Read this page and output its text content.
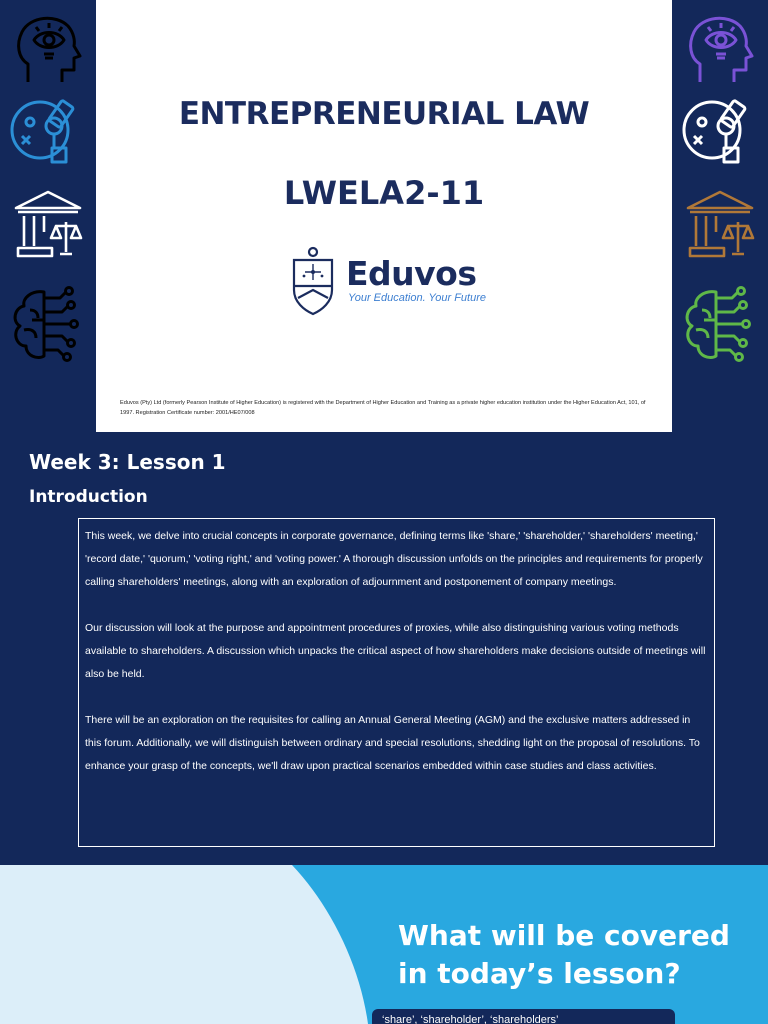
ENTREPRENEURIAL LAW
LWELA2-11
Eduvos
Your Education. Your Future
Eduvos (Pty) Ltd (formerly Pearson Institute of Higher Education) is registered with the Department of Higher Education and Training as a private higher education institution under the Higher Education Act, 101, of 1997. Registration Certificate number: 2001/HE07/008
Week 3: Lesson 1
Introduction

This week, we delve into crucial concepts in corporate governance, defining terms like 'share,' 'shareholder,' 'shareholders' meeting,' 'record date,' 'quorum,' 'voting right,' and 'voting power.' A thorough discussion unfolds on the principles and requirements for properly calling shareholders' meetings, along with an exploration of adjournment and postponement of company meetings.

Our discussion will look at the purpose and appointment procedures of proxies, while also distinguishing various voting methods available to shareholders. A discussion which unpacks the critical aspect of how shareholders make decisions outside of meetings will also be held.

There will be an exploration on the requisites for calling an Annual General Meeting (AGM) and the exclusive matters addressed in this forum. Additionally, we will distinguish between ordinary and special resolutions, shedding light on the proposal of resolutions. To enhance your grasp of the concepts, we'll draw upon practical scenarios embedded within case studies and class activities.

What will be covered in today’s lesson?
‘share’, ‘shareholder’, ‘shareholders’
